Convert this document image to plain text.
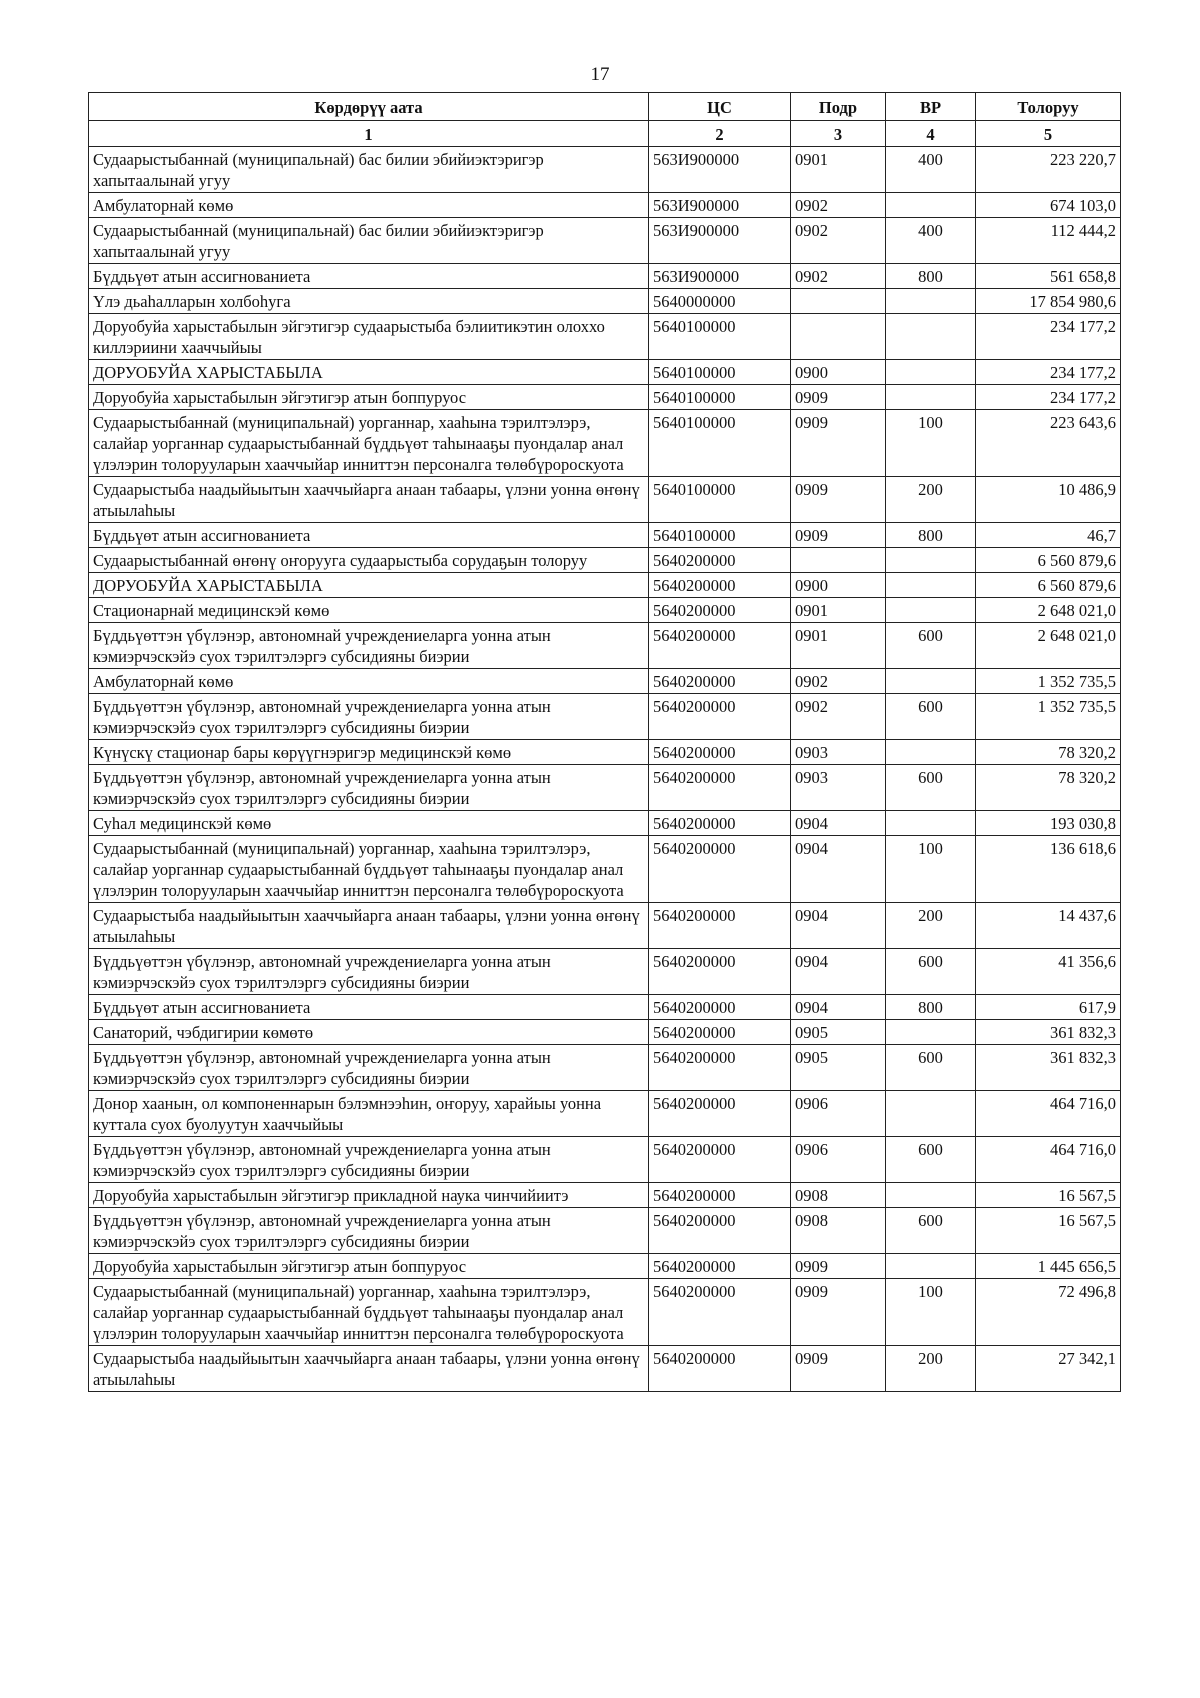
17
Көрдөрүү аата	ЦС	Подр	ВР	Толоруу
1	2	3	4	5
Судаарыстыбаннай (муниципальнай) бас билии эбийиэктэригэр хапытаалынай угуу	563И900000	0901	400	223 220,7
Амбулаторнай көмө	563И900000	0902		674 103,0
Судаарыстыбаннай (муниципальнай) бас билии эбийиэктэригэр хапытаалынай угуу	563И900000	0902	400	112 444,2
Бүддьүөт атын ассигнованиета	563И900000	0902	800	561 658,8
Үлэ дьаһалларын холбоһуга	5640000000			17 854 980,6
Доруобуйа харыстабылын эйгэтигэр судаарыстыба бэлиитикэтин олоххо киллэриини хааччыйыы	5640100000			234 177,2
ДОРУОБУЙА ХАРЫСТАБЫЛА	5640100000	0900		234 177,2
Доруобуйа харыстабылын эйгэтигэр атын боппуруос	5640100000	0909		234 177,2
Судаарыстыбаннай (муниципальнай) уорганнар, хааһына тэрилтэлэрэ, салайар уорганнар судаарыстыбаннай бүддьүөт таһынааҕы пуондалар анал үлэлэрин толорууларын хааччыйар инниттэн персоналга төлөбүророскуота	5640100000	0909	100	223 643,6
Судаарыстыба наадыйыытын хааччыйарга анаан табаары, үлэни уонна өҥөнү атыылаһыы	5640100000	0909	200	10 486,9
Бүддьүөт атын ассигнованиета	5640100000	0909	800	46,7
Судаарыстыбаннай өҥөнү оҥорууга судаарыстыба сорудаҕын толоруу	5640200000			6 560 879,6
ДОРУОБУЙА ХАРЫСТАБЫЛА	5640200000	0900		6 560 879,6
Стационарнай медицинскэй көмө	5640200000	0901		2 648 021,0
Бүддьүөттэн үбүлэнэр, автономнай учреждениеларга уонна атын кэмиэрчэскэйэ суох тэрилтэлэргэ субсидияны биэрии	5640200000	0901	600	2 648 021,0
Амбулаторнай көмө	5640200000	0902		1 352 735,5
Бүддьүөттэн үбүлэнэр, автономнай учреждениеларга уонна атын кэмиэрчэскэйэ суох тэрилтэлэргэ субсидияны биэрии	5640200000	0902	600	1 352 735,5
Күнүскү стационар бары көрүүгнэригэр медицинскэй көмө	5640200000	0903		78 320,2
Бүддьүөттэн үбүлэнэр, автономнай учреждениеларга уонна атын кэмиэрчэскэйэ суох тэрилтэлэргэ субсидияны биэрии	5640200000	0903	600	78 320,2
Суһал медицинскэй көмө	5640200000	0904		193 030,8
Судаарыстыбаннай (муниципальнай) уорганнар, хааһына тэрилтэлэрэ, салайар уорганнар судаарыстыбаннай бүддьүөт таһынааҕы пуондалар анал үлэлэрин толорууларын хааччыйар инниттэн персоналга төлөбүророскуота	5640200000	0904	100	136 618,6
Судаарыстыба наадыйыытын хааччыйарга анаан табаары, үлэни уонна өҥөнү атыылаһыы	5640200000	0904	200	14 437,6
Бүддьүөттэн үбүлэнэр, автономнай учреждениеларга уонна атын кэмиэрчэскэйэ суох тэрилтэлэргэ субсидияны биэрии	5640200000	0904	600	41 356,6
Бүддьүөт атын ассигнованиета	5640200000	0904	800	617,9
Санаторий, чэбдигирии көмөтө	5640200000	0905		361 832,3
Бүддьүөттэн үбүлэнэр, автономнай учреждениеларга уонна атын кэмиэрчэскэйэ суох тэрилтэлэргэ субсидияны биэрии	5640200000	0905	600	361 832,3
Донор хаанын, ол компоненнарын бэлэмнээһин, оҥоруу, харайыы уонна куттала суох буолуутун хааччыйыы	5640200000	0906		464 716,0
Бүддьүөттэн үбүлэнэр, автономнай учреждениеларга уонна атын кэмиэрчэскэйэ суох тэрилтэлэргэ субсидияны биэрии	5640200000	0906	600	464 716,0
Доруобуйа харыстабылын эйгэтигэр прикладной наука чинчийиитэ	5640200000	0908		16 567,5
Бүддьүөттэн үбүлэнэр, автономнай учреждениеларга уонна атын кэмиэрчэскэйэ суох тэрилтэлэргэ субсидияны биэрии	5640200000	0908	600	16 567,5
Доруобуйа харыстабылын эйгэтигэр атын боппуруос	5640200000	0909		1 445 656,5
Судаарыстыбаннай (муниципальнай) уорганнар, хааһына тэрилтэлэрэ, салайар уорганнар судаарыстыбаннай бүддьүөт таһынааҕы пуондалар анал үлэлэрин толорууларын хааччыйар инниттэн персоналга төлөбүророскуота	5640200000	0909	100	72 496,8
Судаарыстыба наадыйыытын хааччыйарга анаан табаары, үлэни уонна өҥөнү атыылаһыы	5640200000	0909	200	27 342,1
